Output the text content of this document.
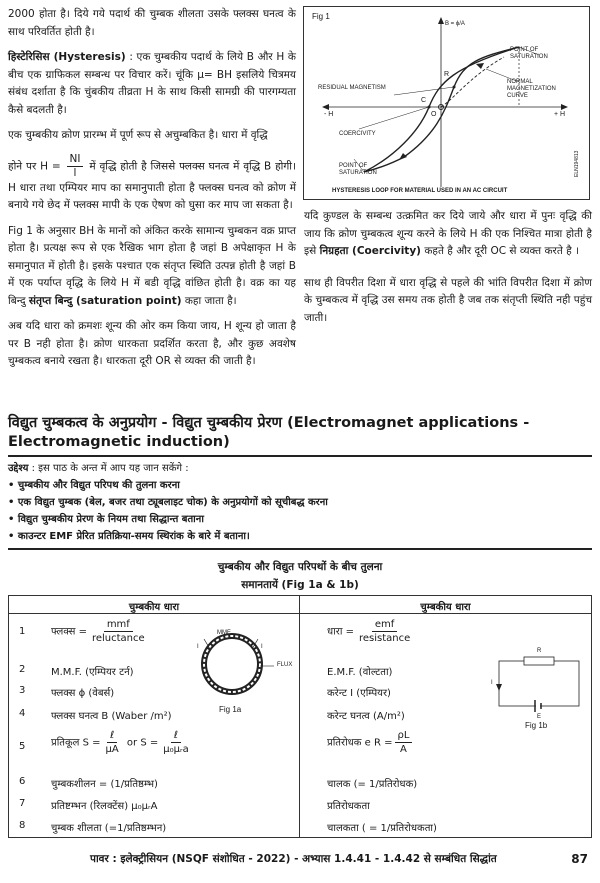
2000 होता है। दिये गये पदार्थ की चुम्बक शीलता उसके फ्लक्स घनत्व के साथ परिवर्तित होती है।

हिस्टेरिसिस (Hysteresis) : एक चुम्बकीय पदार्थ के लिये B और H के बीच एक ग्राफिकल सम्बन्ध पर विचार करें। चूंकि μ= BH इसलिये चित्रमय संबंध दर्शाता है कि चुंबकीय तीव्रता H के साथ किसी सामग्री की पारगम्यता कैसे बदलती है।

एक चुम्बकीय क्रोण प्रारम्भ में पूर्ण रूप से अचुम्बकित है। धारा में वृद्धि

होने पर $H = \frac{NI}{l}$ में वृद्धि होती है जिससे फ्लक्स घनत्व में वृद्धि B होगी। H धारा तथा एम्पियर माप का समानुपाती होता है फ्लक्स घनत्व को क्रोण में बनाये गये छेद में फ्लक्स मापी के एक ऐषण को घुसा कर माप जा सकता है।

Fig 1 के अनुसार BH के मानों को अंकित करके सामान्य चुम्बकन वक्र प्राप्त होता है। प्रत्यक्ष रूप से एक रैखिक भाग होता है जहां B अपेक्षाकृत H के समानुपात में होती है। इसके पश्चात एक संतृप्त स्थिति उत्पन्न होती है जहां B में एक पर्याप्त वृद्धि के लिये H में बडी वृद्धि वांछित होती है। वक्र का यह बिन्दु संतृप्त बिन्दु (saturation point) कहा जाता है।

अब यदि धारा को क्रमशः शून्य की ओर कम किया जाय, H शून्य हो जाता है पर B नही होता है। क्रोण धारकता प्रदर्शित करता है, और कुछ अवशेष चुम्बकत्व बनाये रखता है। धारकता दूरी OR से व्यक्त की जाती है।

Fig 1
B = ϕ/A
POINT OF SATURATION
RESIDUAL MAGNETISM
NORMAL MAGNETIZATION CURVE
COERCIVITY
POINT OF SATURATION
R
C
O
- H	+ H
HYSTERESIS LOOP FOR MATERIAL USED IN AN AC CIRCUIT
ELN194813

यदि कुण्डल के सम्बन्ध उत्क्रमित कर दिये जाये और धारा में पुनः वृद्धि की जाय कि क्रोण चुम्बकत्व शून्य करने के लिये H की एक निश्चित मात्रा होती है इसे निग्रहता (Coercivity) कहते है और दूरी OC से व्यक्त करते है ।

साथ ही विपरीत दिशा में धारा वृद्धि से पहले की भांति विपरीत दिशा में क्रोण के चुम्बकत्व में वृद्धि उस समय तक होती है जब तक संतृप्ती स्थिति नही पहुंच जाती।

विद्युत चुम्बकत्व के अनुप्रयोग - विद्युत चुम्बकीय प्रेरण (Electromagnet applications - Electromagnetic induction)
उद्देश्य : इस पाठ के अन्त में आप यह जान सकेंगे :
• चुम्बकीय और विद्युत परिपथ की तुलना करना
• एक विद्युत चुम्बक (बेल, बजर तथा ट्यूबलाइट चोक) के अनुप्रयोगों को सूचीबद्ध करना
• विद्युत चुम्बकीय प्रेरण के नियम तथा सिद्धान्त बताना
• काउन्टर EMF प्रेरित प्रतिक्रिया-समय स्थिरांक के बारे में बताना।
चुम्बकीय और विद्युत परिपथों के बीच तुलना
समानतायें (Fig 1a & 1b)
चुम्बकीय धारा	चुम्बकीय धारा
1	फ्लक्स = $\frac{\text{mmf}}{\text{reluctance}}$	धारा = $\frac{\text{emf}}{\text{resistance}}$
2	M.M.F. (एम्पियर टर्न)	E.M.F. (वोल्टता)
3	फ्लक्स ϕ (वेबर्स)	करेन्ट I (एम्पियर)
4	फ्लक्स घनत्व B (Waber /m²)	करेन्ट घनत्व (A/m²)
5	प्रतिकूल $S = \frac{\text{ℓ}}{\mu A}$ or $S = \frac{\text{ℓ}}{\text{μ₀μᵣa}}$	प्रतिरोधक e $R = \frac{\rho L}{A}$
6	चुम्बकशीलन = (1/प्रतिष्ठम्भ)	चालक (= 1/प्रतिरोधक)
7	प्रतिष्टम्भन (रिलक्टेंस) μ₀μᵣA	प्रतिरोधकता
8	चुम्बक शीलता (=1/प्रतिष्ठम्भन)	चालकता ( = 1/प्रतिरोधकता)
MMF
FLUX
I	I
Fig 1a
R
I
E
Fig 1b
पावर : इलेक्ट्रीसियन (NSQF संशोधित - 2022) - अभ्यास 1.4.41 - 1.4.42 से सम्बंधित सिद्धांत	87
